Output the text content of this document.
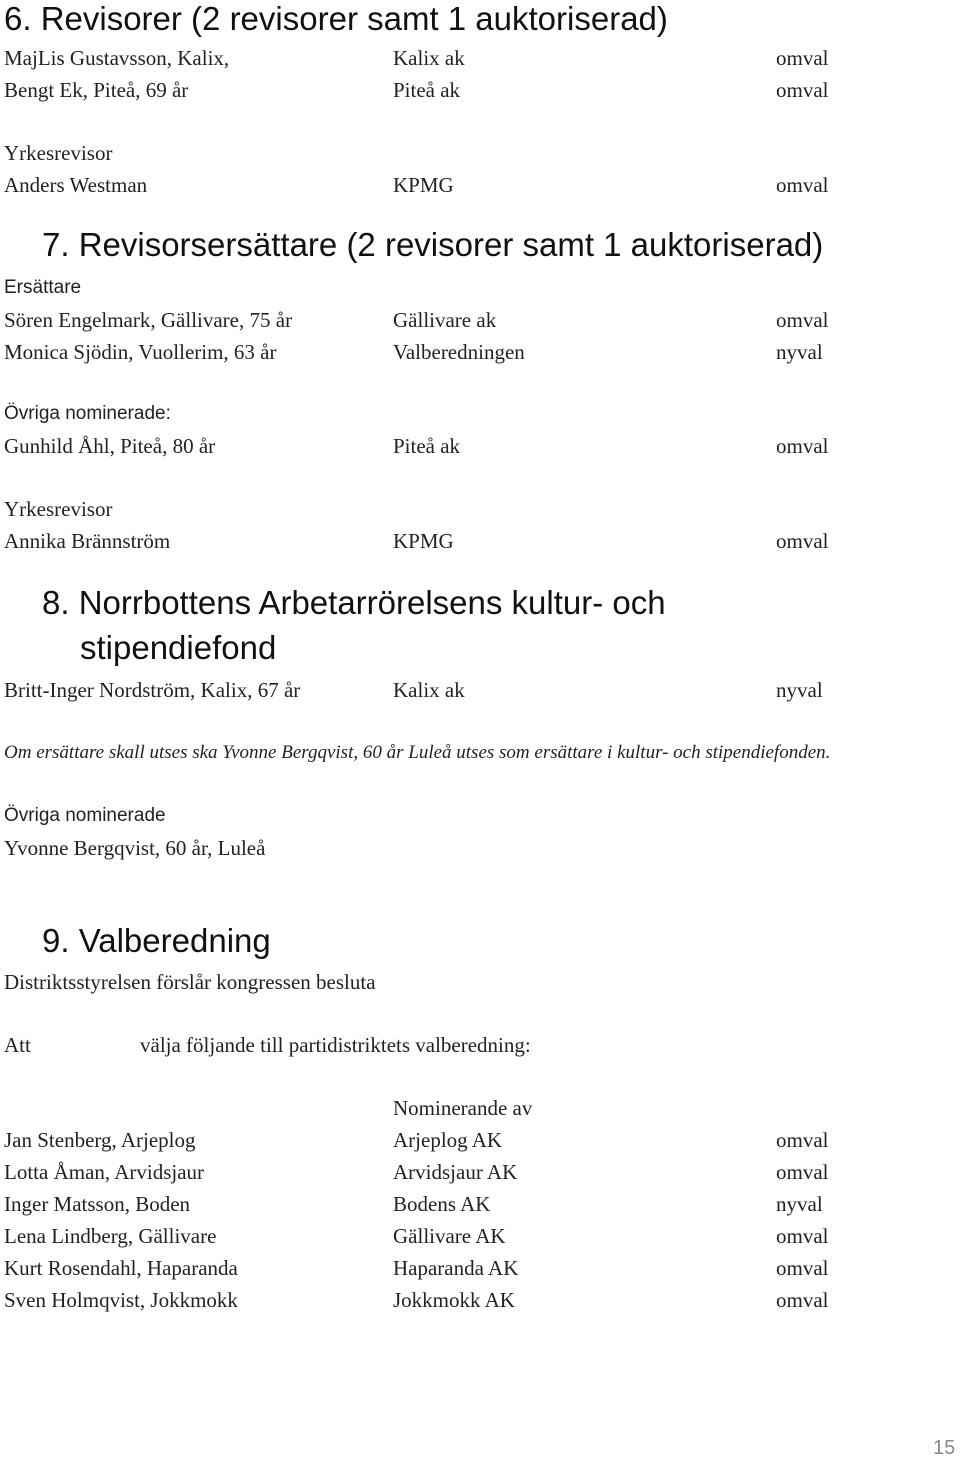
6. Revisorer (2 revisorer samt 1 auktoriserad)
MajLis Gustavsson, Kalix,	Kalix ak	omval
Bengt Ek, Piteå, 69 år	Piteå ak	omval
Yrkesrevisor
Anders Westman	KPMG	omval
7. Revisorsersättare (2 revisorer samt 1 auktoriserad)
Ersättare
Sören Engelmark, Gällivare, 75 år	Gällivare ak	omval
Monica Sjödin, Vuollerim, 63 år	Valberedningen	nyval
Övriga nominerade:
Gunhild Åhl, Piteå, 80 år	Piteå ak	omval
Yrkesrevisor
Annika Brännström	KPMG	omval
8. Norrbottens Arbetarrörelsens kultur- och
stipendiefond
Britt-Inger Nordström, Kalix, 67 år	Kalix ak	nyval
Om ersättare skall utses ska Yvonne Bergqvist, 60 år Luleå utses som ersättare i kultur- och stipendiefonden.
Övriga nominerade
Yvonne Bergqvist, 60 år, Luleå
9. Valberedning
Distriktsstyrelsen förslår kongressen besluta
Att	välja följande till partidistriktets valberedning:
Nominerande av
Jan Stenberg, Arjeplog	Arjeplog AK	omval
Lotta Åman, Arvidsjaur	Arvidsjaur AK	omval
Inger Matsson, Boden	Bodens AK	nyval
Lena Lindberg, Gällivare	Gällivare AK	omval
Kurt Rosendahl, Haparanda	Haparanda AK	omval
Sven Holmqvist, Jokkmokk	Jokkmokk AK	omval
15
